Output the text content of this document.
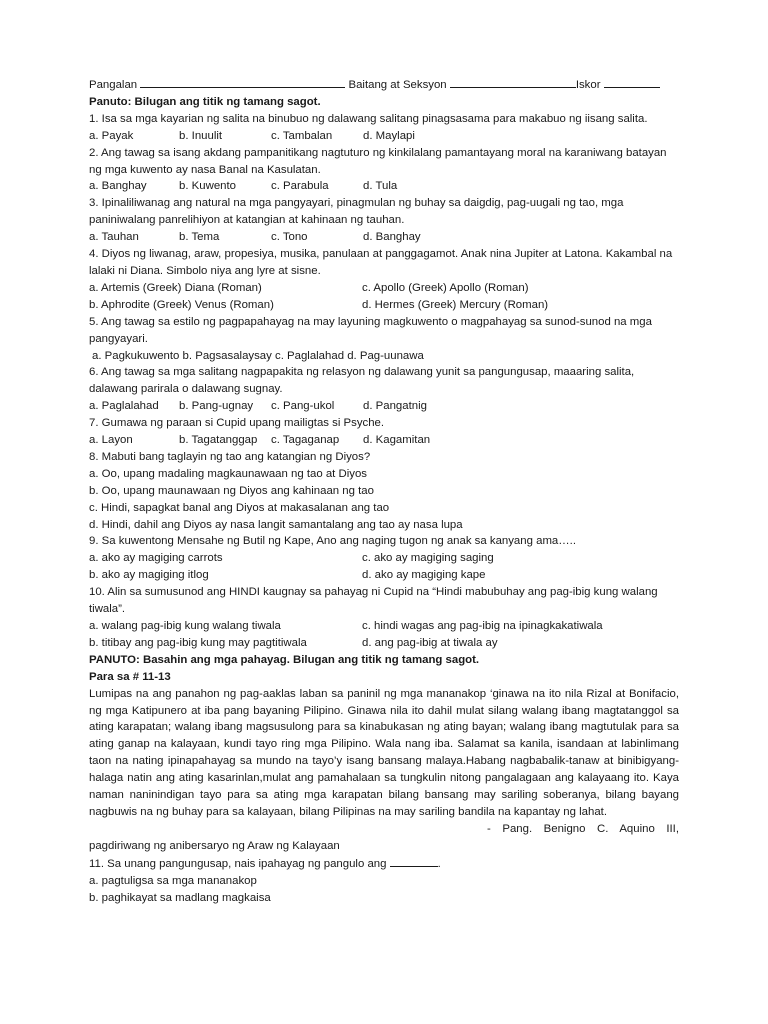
Pangalan	Baitang at Seksyon	Iskor
Panuto: Bilugan ang titik ng tamang sagot.
1. Isa sa mga kayarian ng salita na binubuo ng dalawang salitang pinagsasama para makabuo ng iisang salita.
a. Payak	b. Inuulit	c. Tambalan	d. Maylapi
2. Ang tawag sa isang akdang pampanitikang nagtuturo ng kinkilalang pamantayang moral na karaniwang batayan ng mga kuwento ay nasa Banal na Kasulatan.
a. Banghay	b. Kuwento	c. Parabula	d. Tula
3. Ipinaliliwanag ang natural na mga pangyayari, pinagmulan ng buhay sa daigdig, pag-uugali ng tao, mga paniniwalang panrelihiyon at katangian at kahinaan ng tauhan.
a. Tauhan	b. Tema	c. Tono	d. Banghay
4. Diyos ng liwanag, araw, propesiya, musika, panulaan at panggagamot. Anak nina Jupiter at Latona. Kakambal na lalaki ni Diana. Simbolo niya ang lyre at sisne.
a. Artemis (Greek) Diana (Roman)	c. Apollo (Greek) Apollo (Roman)
b. Aphrodite (Greek) Venus (Roman)	d. Hermes (Greek) Mercury (Roman)
5. Ang tawag sa estilo ng pagpapahayag na may layuning magkuwento o magpahayag sa sunod-sunod na mga pangyayari.
a. Pagkukuwento b. Pagsasalaysay c. Paglalahad d. Pag-uunawa
6. Ang tawag sa mga salitang nagpapakita ng relasyon ng dalawang yunit sa pangungusap, maaaring salita, dalawang parirala o dalawang sugnay.
a. Paglalahad	b. Pang-ugnay	c. Pang-ukol	d. Pangatnig
7. Gumawa ng paraan si Cupid upang mailigtas si Psyche.
a. Layon	b. Tagatanggap	c. Tagaganap	d. Kagamitan
8. Mabuti bang taglayin ng tao ang katangian ng Diyos?
a. Oo, upang madaling magkaunawaan ng tao at Diyos
b. Oo, upang maunawaan ng Diyos ang kahinaan ng tao
c. Hindi, sapagkat banal ang Diyos at makasalanan ang tao
d. Hindi, dahil ang Diyos ay nasa langit samantalang ang tao ay nasa lupa
9. Sa kuwentong Mensahe ng Butil ng Kape, Ano ang naging tugon ng anak sa kanyang ama…..
a. ako ay magiging carrots	c. ako ay magiging saging
b. ako ay magiging itlog	d. ako ay magiging kape
10. Alin sa sumusunod ang HINDI kaugnay sa pahayag ni Cupid na “Hindi mabubuhay ang pag-ibig kung walang tiwala”.
a. walang pag-ibig kung walang tiwala	c. hindi wagas ang pag-ibig na ipinagkakatiwala
b. titibay ang pag-ibig kung may pagtitiwala	d. ang pag-ibig at tiwala ay
PANUTO: Basahin ang mga pahayag. Bilugan ang titik ng tamang sagot.
Para sa # 11-13
Lumipas na ang panahon ng pag-aaklas laban sa paninil ng mga mananakop ‘ginawa na ito nila Rizal at Bonifacio, ng mga Katipunero at iba pang bayaning Pilipino. Ginawa nila ito dahil mulat silang walang ibang magtatanggol sa ating karapatan; walang ibang magsusulong para sa kinabukasan ng ating bayan; walang ibang magtutulak para sa ating ganap na kalayaan, kundi tayo ring mga Pilipino. Wala nang iba. Salamat sa kanila, isandaan at labinlimang taon na nating ipinapahayag sa mundo na tayo’y isang bansang malaya.Habang nagbabalik-tanaw at binibigyang-halaga natin ang ating kasarinlan,mulat ang pamahalaan sa tungkulin nitong pangalagaan ang kalayaang ito. Kaya naman naninindigan tayo para sa ating mga karapatan bilang bansang may sariling soberanya, bilang bayang nagbuwis na ng buhay para sa kalayaan, bilang Pilipinas na may sariling bandila na kapantay ng lahat.
- Pang. Benigno C. Aquino III, pagdiriwang ng anibersaryo ng Araw ng Kalayaan
11. Sa unang pangungusap, nais ipahayag ng pangulo ang	.
a. pagtuligsa sa mga mananakop
b. paghikayat sa madlang magkaisa
